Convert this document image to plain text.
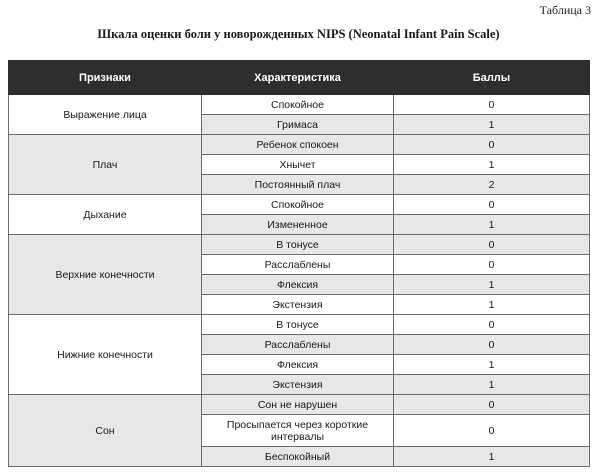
Таблица 3
Шкала оценки боли у новорожденных NIPS (Neonatal Infant Pain Scale)
Признаки	Характеристика	Баллы
Выражение лица	Спокойное	0
	Гримаса	1
Плач	Ребенок спокоен	0
	Хнычет	1
	Постоянный плач	2
Дыхание	Спокойное	0
	Измененное	1
Верхние конечности	В тонусе	0
	Расслаблены	0
	Флексия	1
	Экстензия	1
Нижние конечности	В тонусе	0
	Расслаблены	0
	Флексия	1
	Экстензия	1
Сон	Сон не нарушен	0
	Просыпается через короткие интервалы	0
	Беспокойный	1
